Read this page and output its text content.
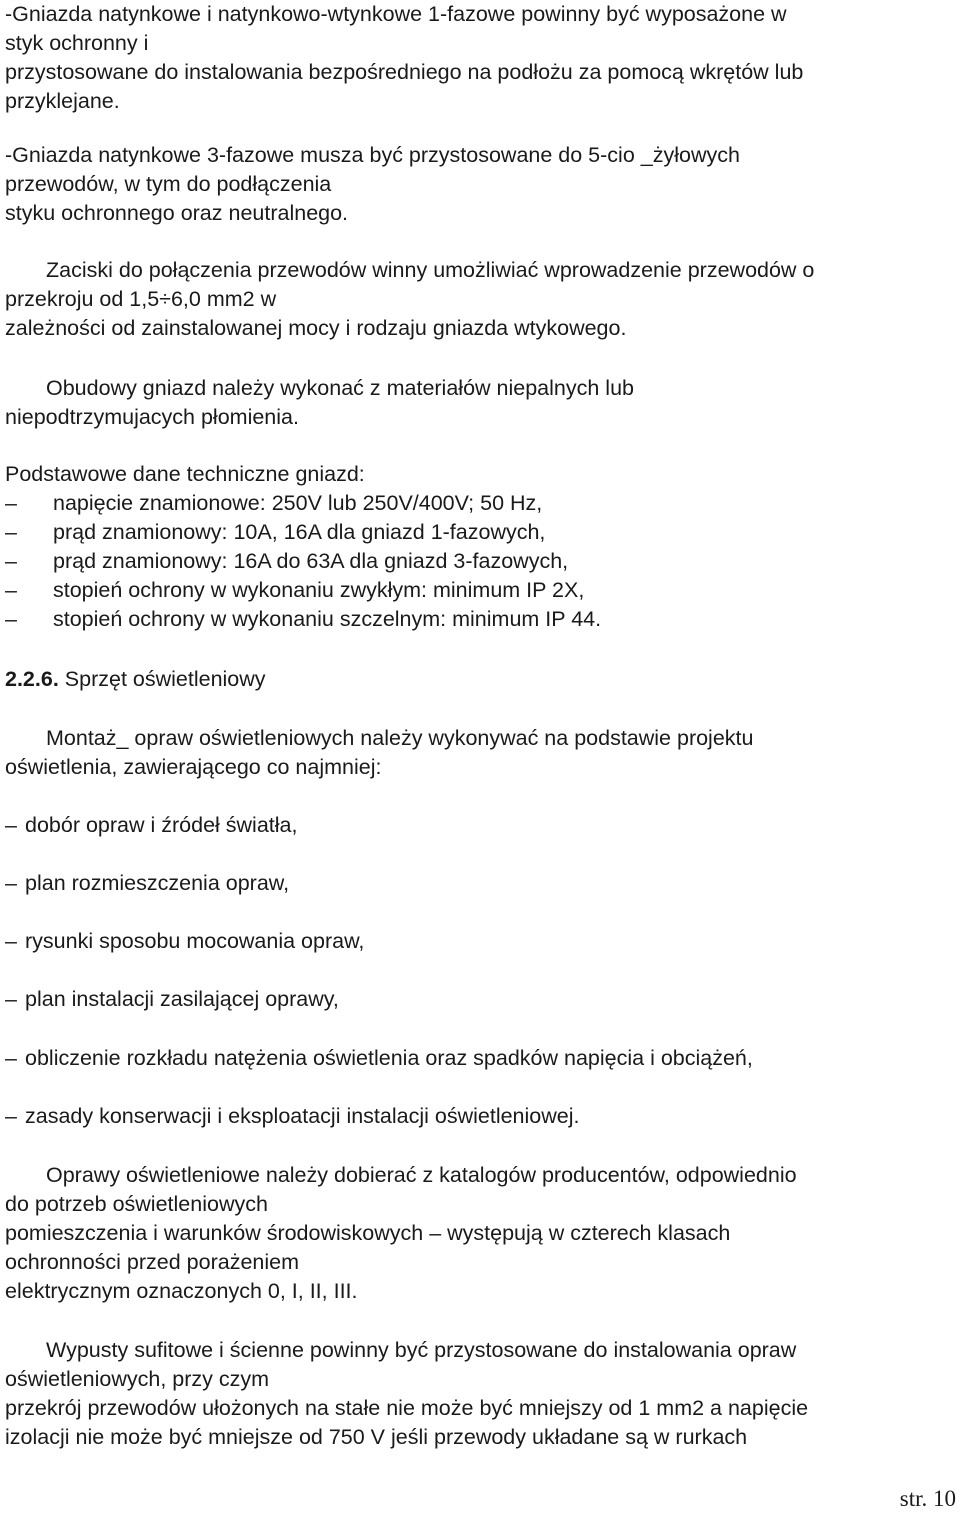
-Gniazda natynkowe i natynkowo-wtynkowe 1-fazowe powinny być wyposażone w
styk ochronny i
przystosowane do instalowania bezpośredniego na podłożu za pomocą wkrętów lub
przyklejane.
-Gniazda natynkowe 3-fazowe musza być przystosowane do 5-cio _żyłowych
przewodów, w tym do podłączenia
styku ochronnego oraz neutralnego.
Zaciski do połączenia przewodów winny umożliwiać wprowadzenie przewodów o
przekroju od 1,5÷6,0 mm2 w
zależności od zainstalowanej mocy i rodzaju gniazda wtykowego.
Obudowy gniazd należy wykonać z materiałów niepalnych lub
niepodtrzymujacych płomienia.
Podstawowe dane techniczne gniazd:
– napięcie znamionowe: 250V lub 250V/400V; 50 Hz,
– prąd znamionowy: 10A, 16A dla gniazd 1-fazowych,
– prąd znamionowy: 16A do 63A dla gniazd 3-fazowych,
– stopień ochrony w wykonaniu zwykłym: minimum IP 2X,
– stopień ochrony w wykonaniu szczelnym: minimum IP 44.
2.2.6. Sprzęt oświetleniowy
Montaż_ opraw oświetleniowych należy wykonywać na podstawie projektu
oświetlenia, zawierającego co najmniej:
– dobór opraw i źródeł światła,
– plan rozmieszczenia opraw,
– rysunki sposobu mocowania opraw,
– plan instalacji zasilającej oprawy,
– obliczenie rozkładu natężenia oświetlenia oraz spadków napięcia i obciążeń,
– zasady konserwacji i eksploatacji instalacji oświetleniowej.
Oprawy oświetleniowe należy dobierać z katalogów producentów, odpowiednio
do potrzeb oświetleniowych
pomieszczenia i warunków środowiskowych – występują w czterech klasach
ochronności przed porażeniem
elektrycznym oznaczonych 0, I, II, III.
Wypusty sufitowe i ścienne powinny być przystosowane do instalowania opraw
oświetleniowych, przy czym
przekrój przewodów ułożonych na stałe nie może być mniejszy od 1 mm2 a napięcie
izolacji nie może być mniejsze od 750 V jeśli przewody układane są w rurkach
str. 10
